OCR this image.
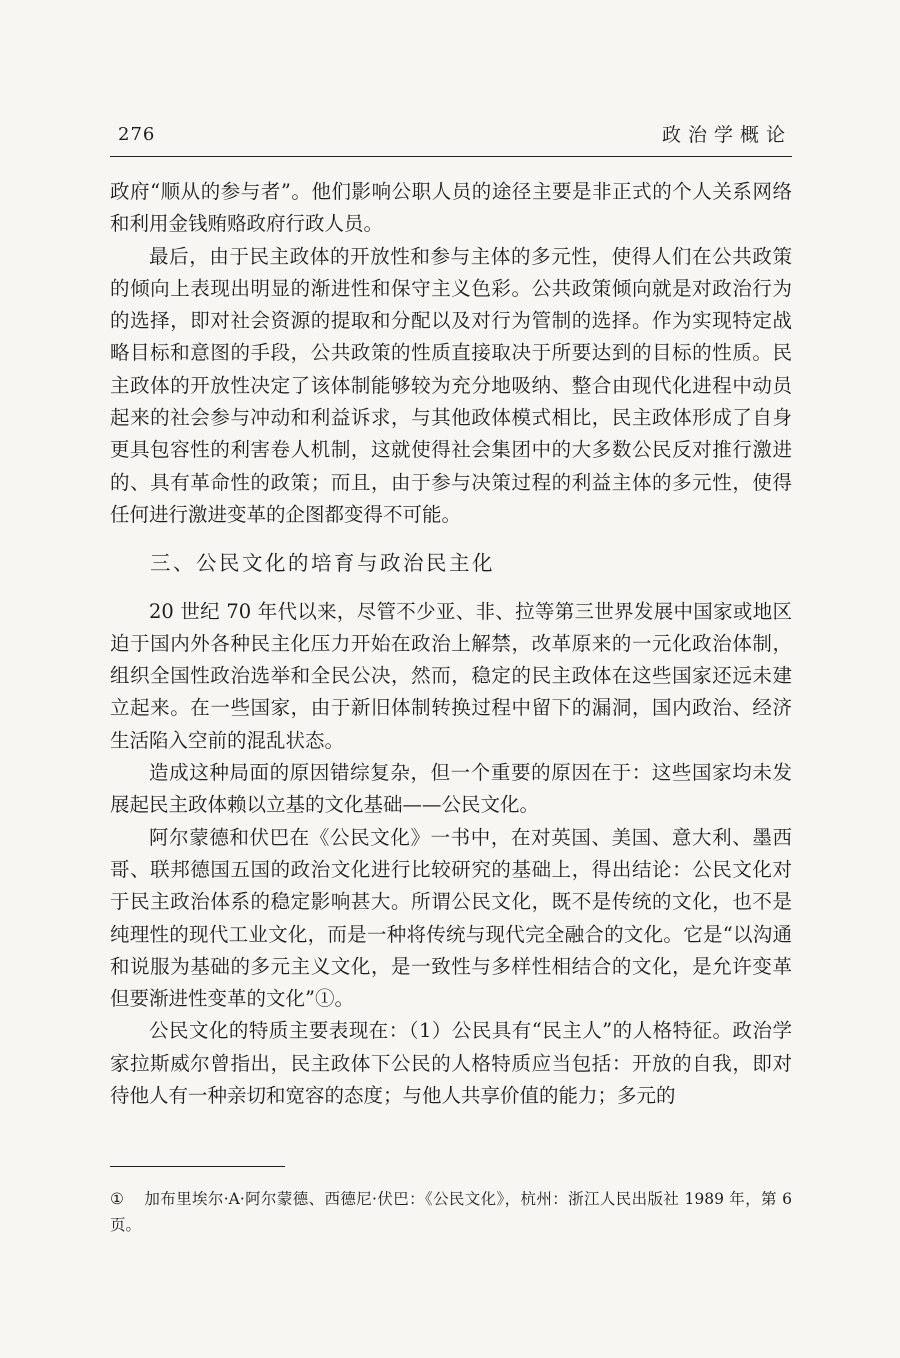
276	政治学概论

政府“顺从的参与者”。他们影响公职人员的途径主要是非正式的个人关系网络和利用金钱贿赂政府行政人员。

最后，由于民主政体的开放性和参与主体的多元性，使得人们在公共政策的倾向上表现出明显的渐进性和保守主义色彩。公共政策倾向就是对政治行为的选择，即对社会资源的提取和分配以及对行为管制的选择。作为实现特定战略目标和意图的手段，公共政策的性质直接取决于所要达到的目标的性质。民主政体的开放性决定了该体制能够较为充分地吸纳、整合由现代化进程中动员起来的社会参与冲动和利益诉求，与其他政体模式相比，民主政体形成了自身更具包容性的利害卷人机制，这就使得社会集团中的大多数公民反对推行激进的、具有革命性的政策；而且，由于参与决策过程的利益主体的多元性，使得任何进行激进变革的企图都变得不可能。

三、公民文化的培育与政治民主化

20 世纪 70 年代以来，尽管不少亚、非、拉等第三世界发展中国家或地区迫于国内外各种民主化压力开始在政治上解禁，改革原来的一元化政治体制，组织全国性政治选举和全民公决，然而，稳定的民主政体在这些国家还远未建立起来。在一些国家，由于新旧体制转换过程中留下的漏洞，国内政治、经济生活陷入空前的混乱状态。

造成这种局面的原因错综复杂，但一个重要的原因在于：这些国家均未发展起民主政体赖以立基的文化基础——公民文化。

阿尔蒙德和伏巴在《公民文化》一书中，在对英国、美国、意大利、墨西哥、联邦德国五国的政治文化进行比较研究的基础上，得出结论：公民文化对于民主政治体系的稳定影响甚大。所谓公民文化，既不是传统的文化，也不是纯理性的现代工业文化，而是一种将传统与现代完全融合的文化。它是“以沟通和说服为基础的多元主义文化，是一致性与多样性相结合的文化，是允许变革但要渐进性变革的文化”①。

公民文化的特质主要表现在：（1）公民具有“民主人”的人格特征。政治学家拉斯威尔曾指出，民主政体下公民的人格特质应当包括：开放的自我，即对待他人有一种亲切和宽容的态度；与他人共享价值的能力；多元的

① 加布里埃尔·A·阿尔蒙德、西德尼·伏巴：《公民文化》，杭州：浙江人民出版社 1989 年，第 6 页。
